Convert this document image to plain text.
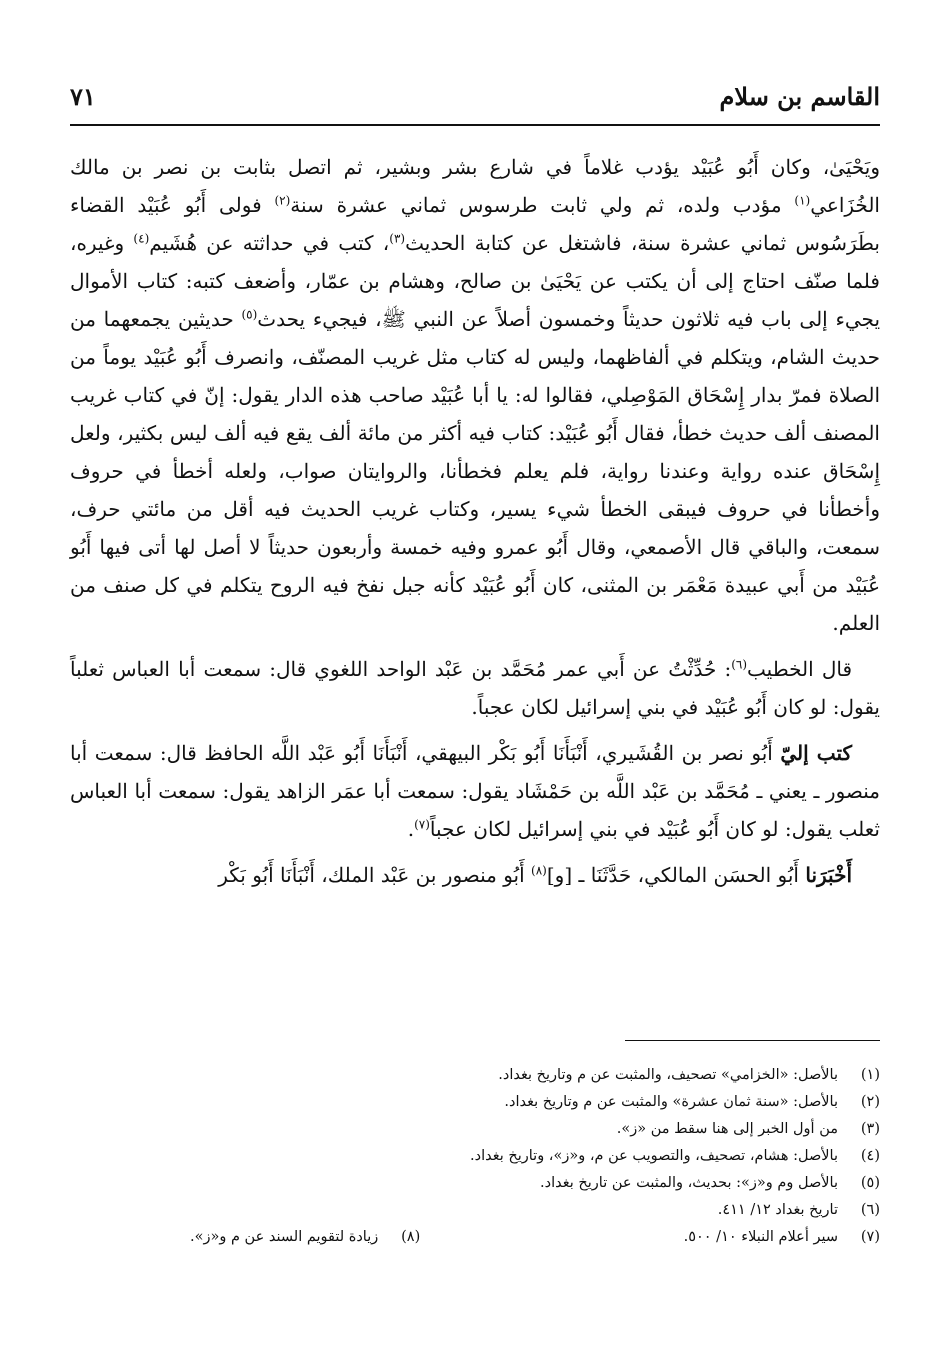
القاسم بن سلام
٧١

ويَحْيَىٰ، وكان أَبُو عُبَيْد يؤدب غلاماً في شارع بشر وبشير، ثم اتصل بثابت بن نصر بن مالك الخُزَاعي$^{(١)}$ مؤدب ولده، ثم ولي ثابت طرسوس ثماني عشرة سنة$^{(٢)}$ فولى أَبُو عُبَيْد القضاء بطَرَسُوس ثماني عشرة سنة، فاشتغل عن كتابة الحديث$^{(٣)}$، كتب في حداثته عن هُشَيم$^{(٤)}$ وغيره، فلما صنّف احتاج إلى أن يكتب عن يَحْيَىٰ بن صالح، وهشام بن عمّار، وأضعف كتبه: كتاب الأموال يجيء إلى باب فيه ثلاثون حديثاً وخمسون أصلاً عن النبي ﷺ، فيجيء يحدث$^{(٥)}$ حديثين يجمعهما من حديث الشام، ويتكلم في ألفاظهما، وليس له كتاب مثل غريب المصنّف، وانصرف أَبُو عُبَيْد يوماً من الصلاة فمرّ بدار إِسْحَاق المَوْصِلي، فقالوا له: يا أبا عُبَيْد صاحب هذه الدار يقول: إنّ في كتاب غريب المصنف ألف حديث خطأ، فقال أَبُو عُبَيْد: كتاب فيه أكثر من مائة ألف يقع فيه ألف ليس بكثير، ولعل إِسْحَاق عنده رواية وعندنا رواية، فلم يعلم فخطأنا، والروايتان صواب، ولعله أخطأ في حروف وأخطأنا في حروف فيبقى الخطأ شيء يسير، وكتاب غريب الحديث فيه أقل من مائتي حرف، سمعت، والباقي قال الأصمعي، وقال أَبُو عمرو وفيه خمسة وأربعون حديثاً لا أصل لها أتى فيها أَبُو عُبَيْد من أَبي عبيدة مَعْمَر بن المثنى، كان أَبُو عُبَيْد كأنه جبل نفخ فيه الروح يتكلم في كل صنف من العلم.

قال الخطيب$^{(٦)}$: حُدِّثْتُ عن أَبي عمر مُحَمَّد بن عَبْد الواحد اللغوي قال: سمعت أبا العباس ثعلباً يقول: لو كان أَبُو عُبَيْد في بني إسرائيل لكان عجباً.

كتب إليّ أَبُو نصر بن القُشَيري، أَنْبَأَنَا أَبُو بَكْر البيهقي، أَنْبَأَنَا أَبُو عَبْد اللَّه الحافظ قال: سمعت أبا منصور ـ يعني ـ مُحَمَّد بن عَبْد اللَّه بن حَمْشَاد يقول: سمعت أبا عمَر الزاهد يقول: سمعت أبا العباس ثعلب يقول: لو كان أَبُو عُبَيْد في بني إسرائيل لكان عجباً$^{(٧)}$.

أَخْبَرَنا أَبُو الحسَن المالكي، حَدَّثَنَا ـ [و]$^{(٨)}$ أَبُو منصور بن عَبْد الملك، أَنْبَأَنَا أَبُو بَكْر

(١)
بالأصل: «الخزامي» تصحيف، والمثبت عن م وتاريخ بغداد.
(٢)
بالأصل: «سنة ثمان عشرة» والمثبت عن م وتاريخ بغداد.
(٣)
من أول الخبر إلى هنا سقط من «ز».
(٤)
بالأصل: هشام، تصحيف، والتصويب عن م، و«ز»، وتاريخ بغداد.
(٥)
بالأصل وم و«ز»: بحديث، والمثبت عن تاريخ بغداد.
(٦)
تاريخ بغداد ١٢/ ٤١١.
(٧)
سير أعلام النبلاء ١٠/ ٥٠٠.
(٨)
زيادة لتقويم السند عن م و«ز».
